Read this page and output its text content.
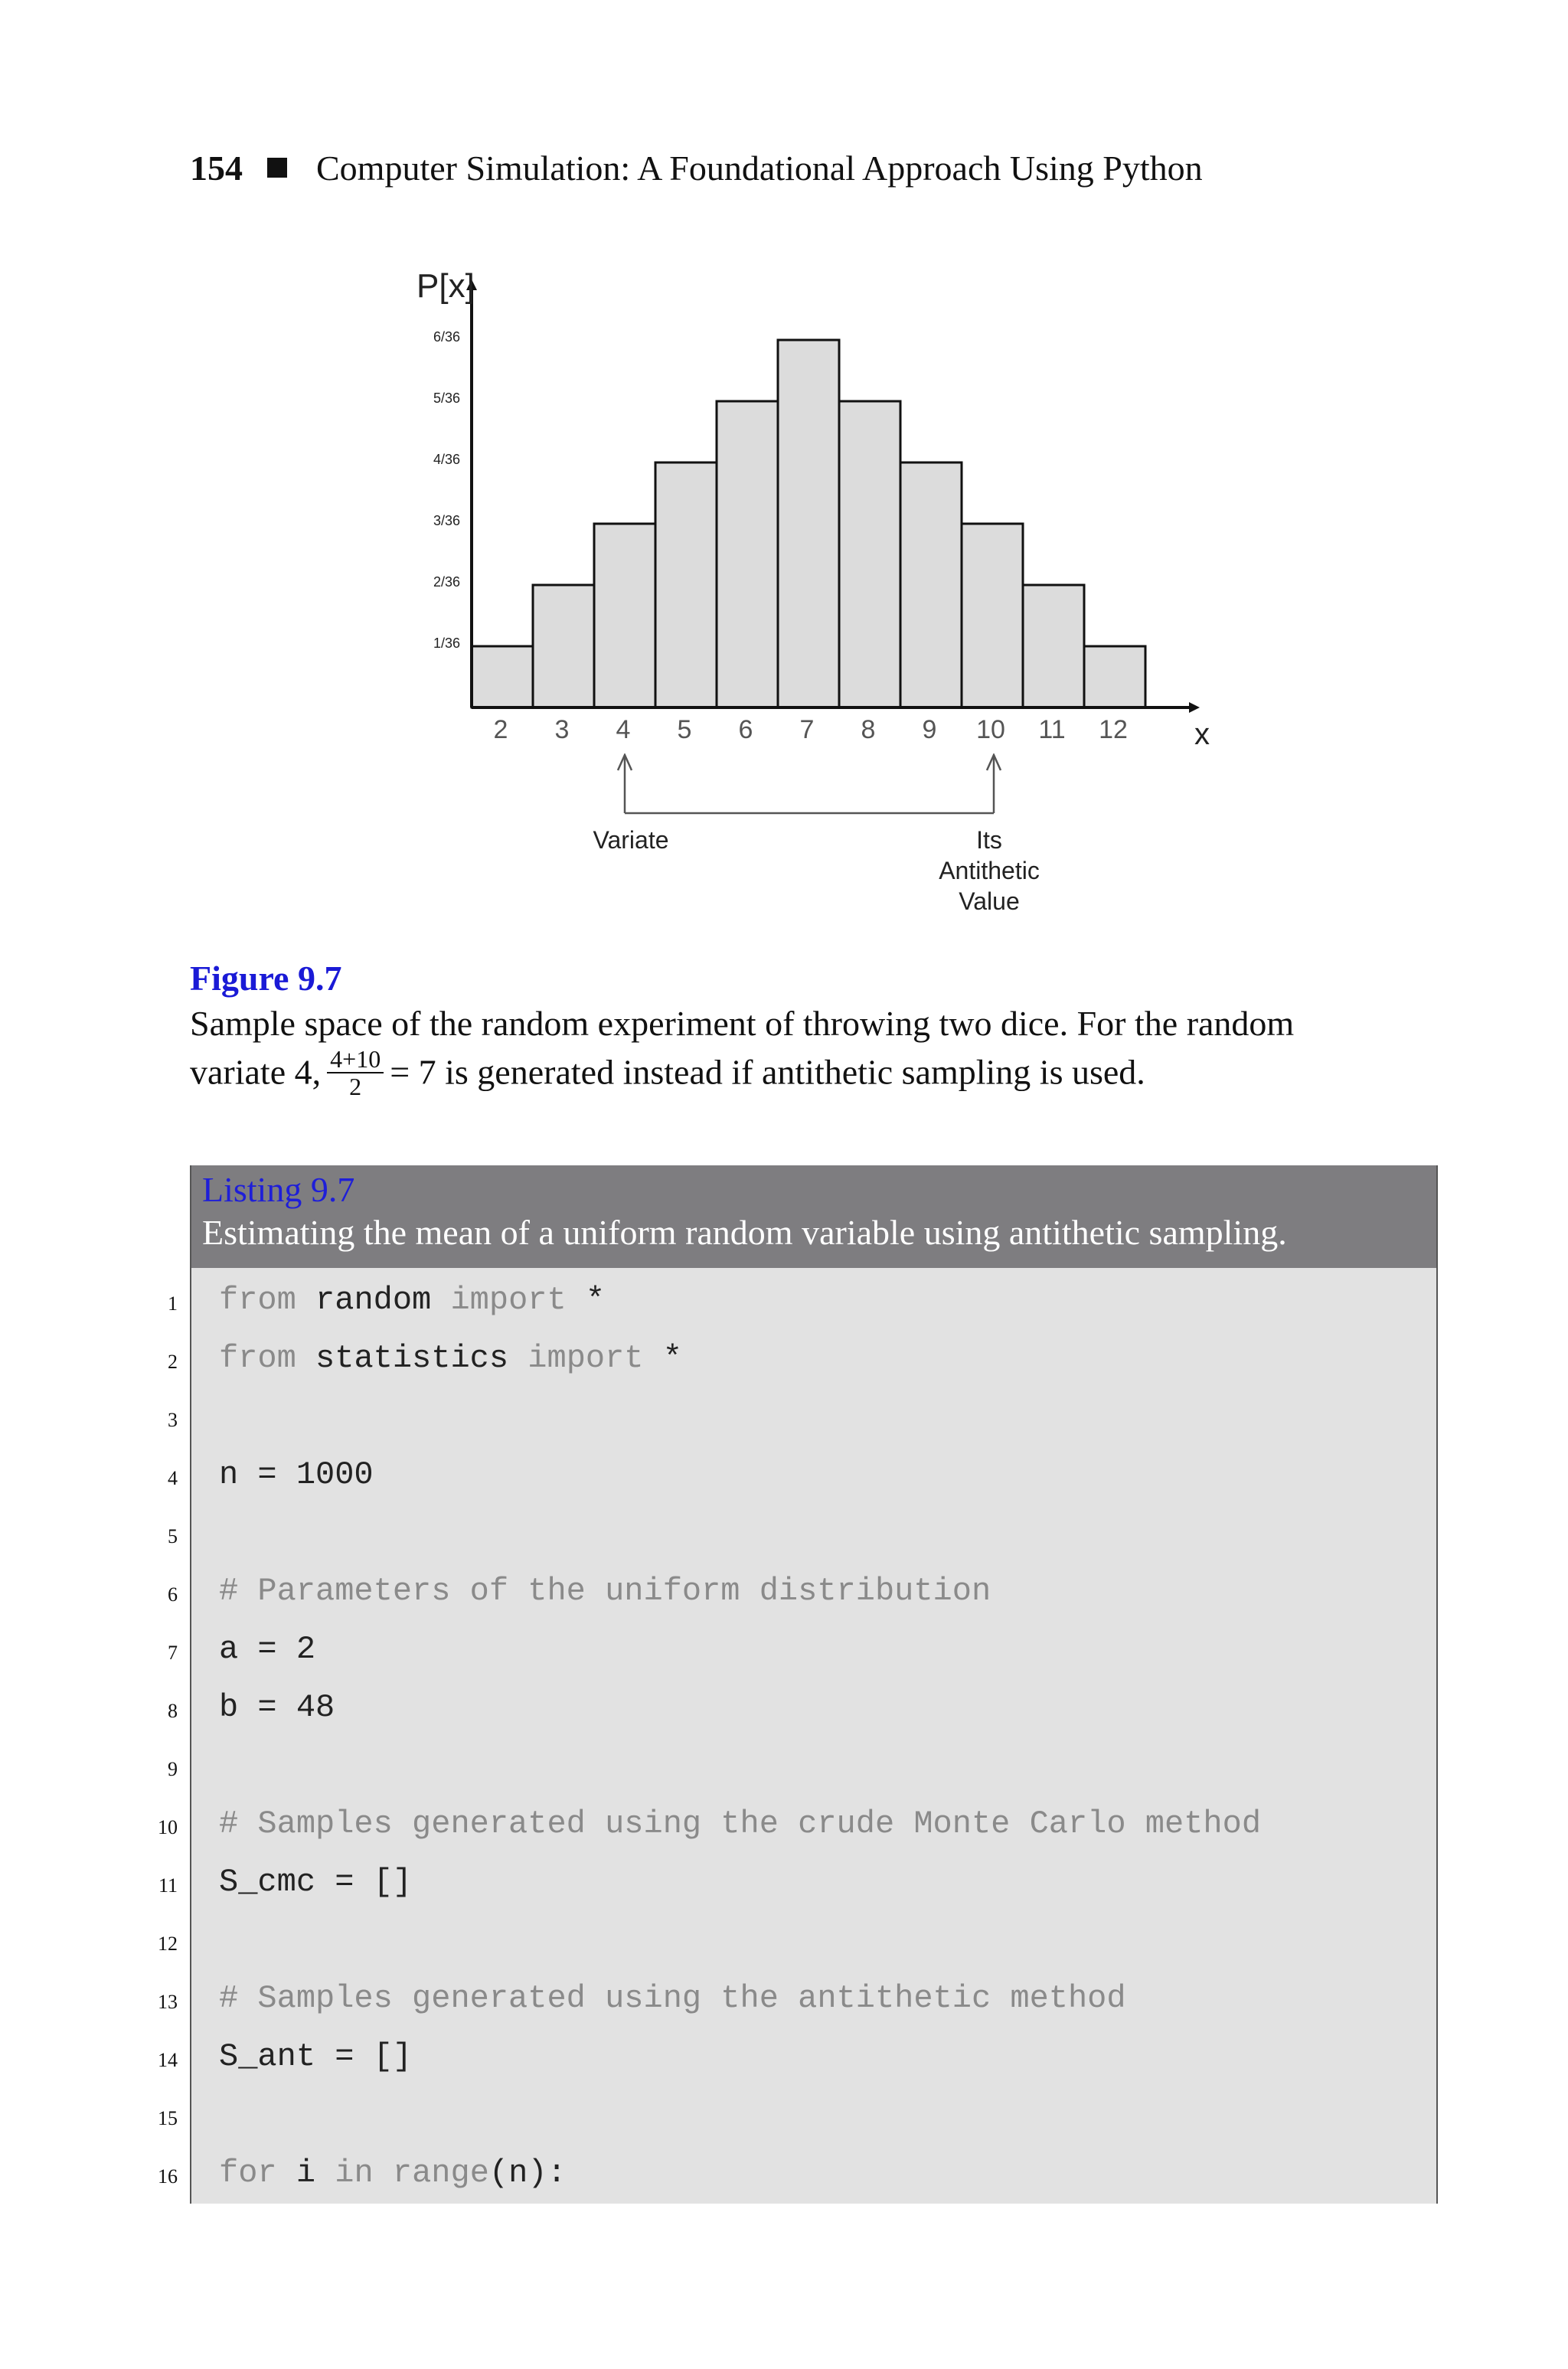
154 Computer Simulation: A Foundational Approach Using Python
P[x]
x
1/36
2/36
3/36
4/36
5/36
6/36
2 3 4 5 6 7 8 9 10 11 12
Variate	Its
Antithetic
Value
Figure 9.7
Sample space of the random experiment of throwing two dice. For the random
variate 4, $\frac{4+10}{2} = 7$ is generated instead if antithetic sampling is used.
Listing 9.7
Estimating the mean of a uniform random variable using antithetic sampling.
1 from random import *
2 from statistics import *
3
4 n = 1000
5
6 # Parameters of the uniform distribution
7 a = 2
8 b = 48
9
10 # Samples generated using the crude Monte Carlo method
11 S_cmc = []
12
13 # Samples generated using the antithetic method
14 S_ant = []
15
16 for i in range(n):
